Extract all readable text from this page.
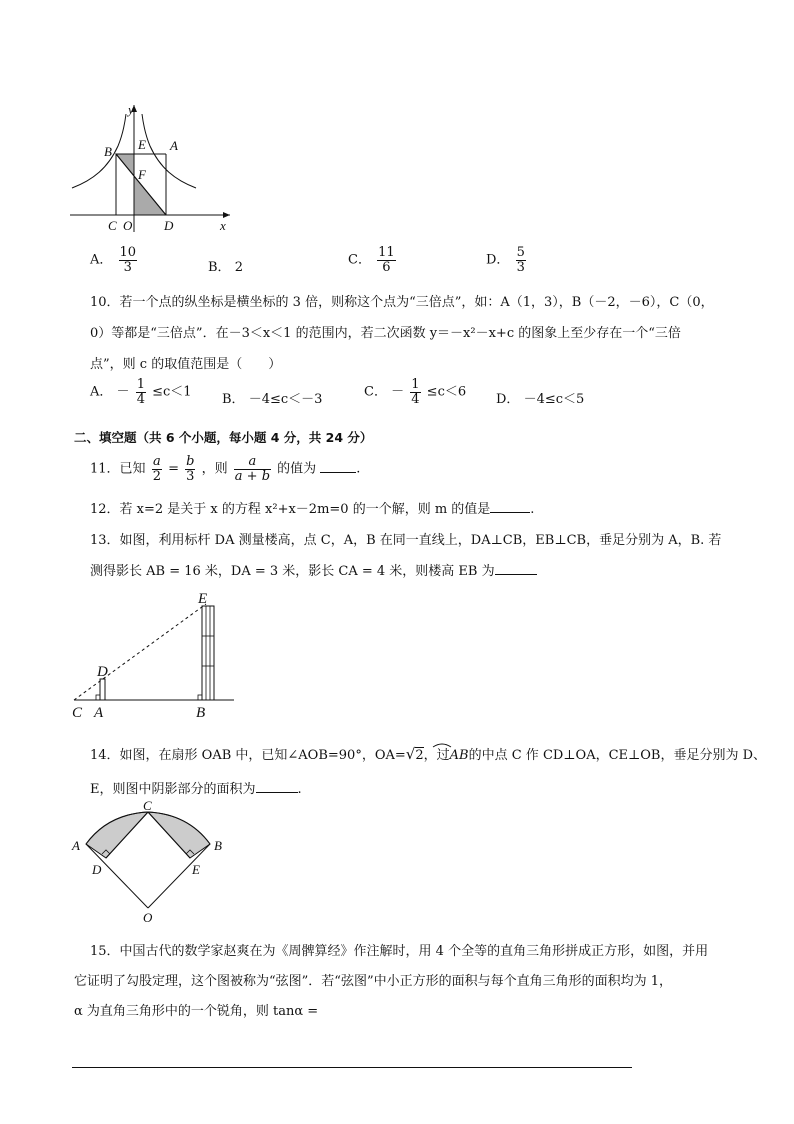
y
x
B E A
F
C O D
A． $\frac{10}{3}$	B． 2	C． $\frac{11}{6}$	D． $\frac{5}{3}$
10．若一个点的纵坐标是横坐标的 3 倍，则称这个点为“三倍点”，如：A（1，3），B（－2，－6），C（0，
0）等都是“三倍点”．在－3＜x＜1 的范围内，若二次函数 y＝－x²－x+c 的图象上至少存在一个“三倍
点”，则 c 的取值范围是（　　）
A． － $\frac{1}{4} \le c<1$ B． －4≤c＜－3	C． － $\frac{1}{4} \le c<6$ D． －4≤c＜5
二、填空题（共 6 个小题，每小题 4 分，共 24 分）
11．已知 $\frac{a}{2} = \frac{b}{3}$ ，则 $\frac{a}{a + b}$ 的值为	.
12．若 x=2 是关于 x 的方程 x²+x－2m=0 的一个解，则 m 的值是	.
13．如图，利用标杆 DA 测量楼高，点 C，A，B 在同一直线上，DA⊥CB，EB⊥CB，垂足分别为 A，B. 若
测得影长 AB = 16 米，DA = 3 米，影长 CA = 4 米，则楼高 EB 为
E
D
C A	B
14．如图，在扇形 OAB 中，已知∠AOB=90°，OA=√2，过AB
的中点 C 作 CD⊥OA，CE⊥OB，垂足分别为 D、
E，则图中阴影部分的面积为	.
C
A	B
D	E
O
15．中国古代的数学家赵爽在为《周髀算经》作注解时，用 4 个全等的直角三角形拼成正方形，如图，并用
它证明了勾股定理，这个图被称为“弦图”．若“弦图”中小正方形的面积与每个直角三角形的面积均为 1，
α 为直角三角形中的一个锐角，则 tanα =
